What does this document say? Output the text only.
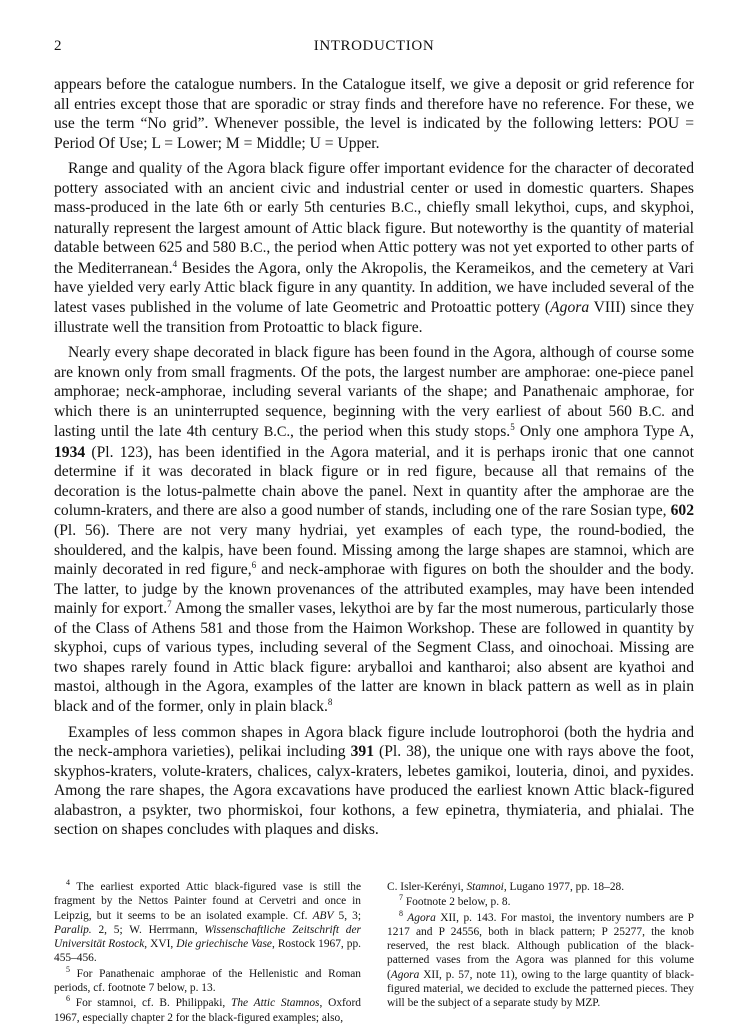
2	INTRODUCTION

appears before the catalogue numbers. In the Catalogue itself, we give a deposit or grid reference for all entries except those that are sporadic or stray finds and therefore have no reference. For these, we use the term “No grid”. Whenever possible, the level is indicated by the following letters: POU = Period Of Use; L = Lower; M = Middle; U = Upper.

Range and quality of the Agora black figure offer important evidence for the character of decorated pottery associated with an ancient civic and industrial center or used in domestic quarters. Shapes mass-produced in the late 6th or early 5th centuries B.C., chiefly small lekythoi, cups, and skyphoi, naturally represent the largest amount of Attic black figure. But noteworthy is the quantity of material datable between 625 and 580 B.C., the period when Attic pottery was not yet exported to other parts of the Mediterranean.$^4$ Besides the Agora, only the Akropolis, the Kerameikos, and the cemetery at Vari have yielded very early Attic black figure in any quantity. In addition, we have included several of the latest vases published in the volume of late Geometric and Protoattic pottery (Agora VIII) since they illustrate well the transition from Protoattic to black figure.

Nearly every shape decorated in black figure has been found in the Agora, although of course some are known only from small fragments. Of the pots, the largest number are amphorae: one-piece panel amphorae; neck-amphorae, including several variants of the shape; and Panathenaic amphorae, for which there is an uninterrupted sequence, beginning with the very earliest of about 560 B.C. and lasting until the late 4th century B.C., the period when this study stops.$^5$ Only one amphora Type A, 1934 (Pl. 123), has been identified in the Agora material, and it is perhaps ironic that one cannot determine if it was decorated in black figure or in red figure, because all that remains of the decoration is the lotus-palmette chain above the panel. Next in quantity after the amphorae are the column-kraters, and there are also a good number of stands, including one of the rare Sosian type, 602 (Pl. 56). There are not very many hydriai, yet examples of each type, the round-bodied, the shouldered, and the kalpis, have been found. Missing among the large shapes are stamnoi, which are mainly decorated in red figure,$^6$ and neck-amphorae with figures on both the shoulder and the body. The latter, to judge by the known provenances of the attributed examples, may have been intended mainly for export.$^7$ Among the smaller vases, lekythoi are by far the most numerous, particularly those of the Class of Athens 581 and those from the Haimon Workshop. These are followed in quantity by skyphoi, cups of various types, including several of the Segment Class, and oinochoai. Missing are two shapes rarely found in Attic black figure: aryballoi and kantharoi; also absent are kyathoi and mastoi, although in the Agora, examples of the latter are known in black pattern as well as in plain black and of the former, only in plain black.$^8$

Examples of less common shapes in Agora black figure include loutrophoroi (both the hydria and the neck-amphora varieties), pelikai including 391 (Pl. 38), the unique one with rays above the foot, skyphos-kraters, volute-kraters, chalices, calyx-kraters, lebetes gamikoi, louteria, dinoi, and pyxides. Among the rare shapes, the Agora excavations have produced the earliest known Attic black-figured alabastron, a psykter, two phormiskoi, four kothons, a few epinetra, thymiateria, and phialai. The section on shapes concludes with plaques and disks.

$^4$ The earliest exported Attic black-figured vase is still the fragment by the Nettos Painter found at Cervetri and once in Leipzig, but it seems to be an isolated example. Cf. ABV 5, 3; Paralip. 2, 5; W. Herrmann, Wissenschaftliche Zeitschrift der Universität Rostock, XVI, Die griechische Vase, Rostock 1967, pp. 455–456.

$^5$ For Panathenaic amphorae of the Hellenistic and Roman periods, cf. footnote 7 below, p. 13.

$^6$ For stamnoi, cf. B. Philippaki, The Attic Stamnos, Oxford 1967, especially chapter 2 for the black-figured examples; also,

C. Isler-Kerényi, Stamnoi, Lugano 1977, pp. 18–28.

$^7$ Footnote 2 below, p. 8.

$^8$ Agora XII, p. 143. For mastoi, the inventory numbers are P 1217 and P 24556, both in black pattern; P 25277, the knob reserved, the rest black. Although publication of the black-patterned vases from the Agora was planned for this volume (Agora XII, p. 57, note 11), owing to the large quantity of black-figured material, we decided to exclude the patterned pieces. They will be the subject of a separate study by MZP.
